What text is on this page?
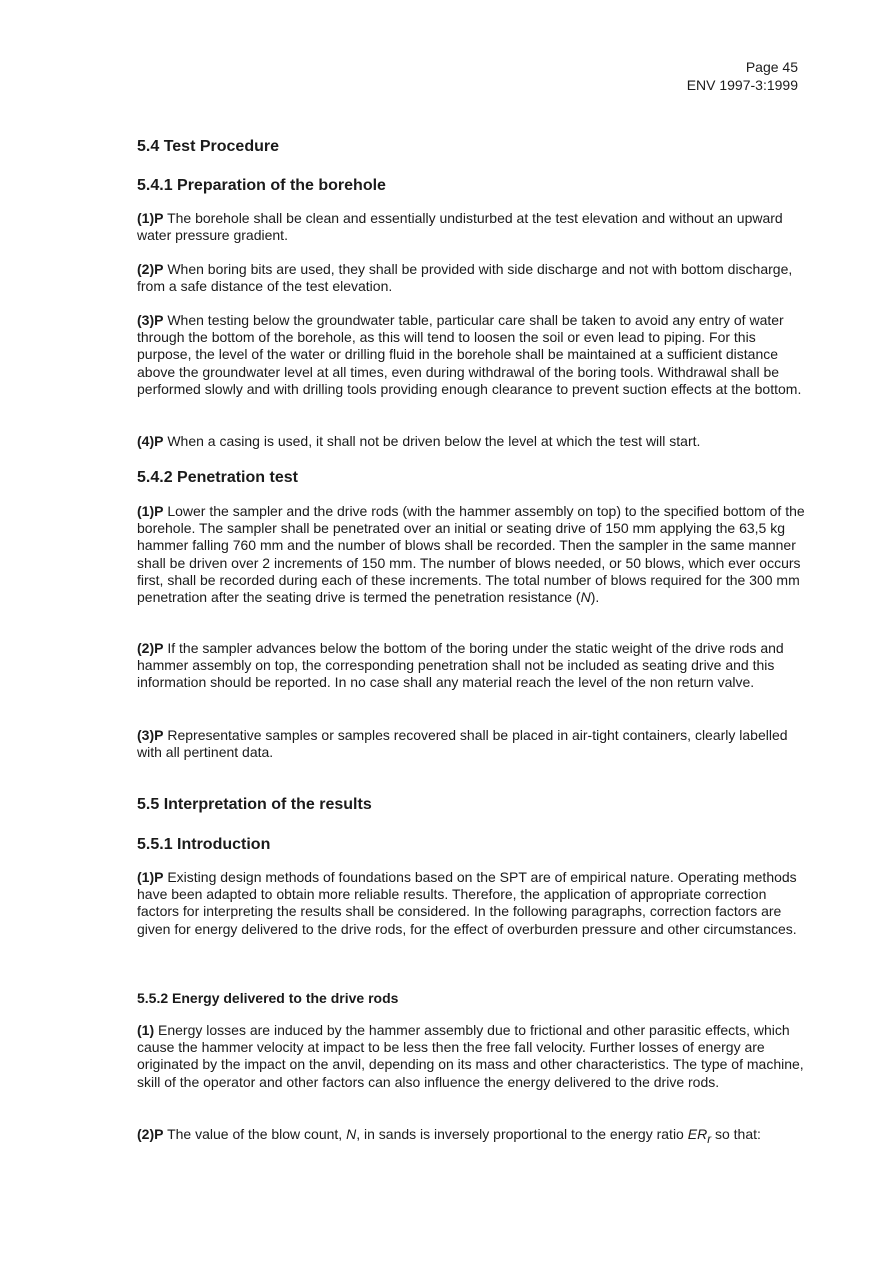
Page 45
ENV 1997-3:1999
5.4 Test Procedure
5.4.1 Preparation of the borehole

(1)P The borehole shall be clean and essentially undisturbed at the test elevation and without an upward water pressure gradient.

(2)P When boring bits are used, they shall be provided with side discharge and not with bottom discharge, from a safe distance of the test elevation.

(3)P When testing below the groundwater table, particular care shall be taken to avoid any entry of water through the bottom of the borehole, as this will tend to loosen the soil or even lead to piping. For this purpose, the level of the water or drilling fluid in the borehole shall be maintained at a sufficient distance above the groundwater level at all times, even during withdrawal of the boring tools. Withdrawal shall be performed slowly and with drilling tools providing enough clearance to prevent suction effects at the bottom.

(4)P When a casing is used, it shall not be driven below the level at which the test will start.

5.4.2 Penetration test

(1)P Lower the sampler and the drive rods (with the hammer assembly on top) to the specified bottom of the borehole. The sampler shall be penetrated over an initial or seating drive of 150 mm applying the 63,5 kg hammer falling 760 mm and the number of blows shall be recorded. Then the sampler in the same manner shall be driven over 2 increments of 150 mm. The number of blows needed, or 50 blows, which ever occurs first, shall be recorded during each of these increments. The total number of blows required for the 300 mm penetration after the seating drive is termed the penetration resistance (N).

(2)P If the sampler advances below the bottom of the boring under the static weight of the drive rods and hammer assembly on top, the corresponding penetration shall not be included as seating drive and this information should be reported. In no case shall any material reach the level of the non return valve.

(3)P Representative samples or samples recovered shall be placed in air-tight containers, clearly labelled with all pertinent data.

5.5 Interpretation of the results
5.5.1 Introduction

(1)P Existing design methods of foundations based on the SPT are of empirical nature. Operating methods have been adapted to obtain more reliable results. Therefore, the application of appropriate correction factors for interpreting the results shall be considered. In the following paragraphs, correction factors are given for energy delivered to the drive rods, for the effect of overburden pressure and other circumstances.

5.5.2 Energy delivered to the drive rods

(1) Energy losses are induced by the hammer assembly due to frictional and other parasitic effects, which cause the hammer velocity at impact to be less then the free fall velocity. Further losses of energy are originated by the impact on the anvil, depending on its mass and other characteristics. The type of machine, skill of the operator and other factors can also influence the energy delivered to the drive rods.

(2)P The value of the blow count, N, in sands is inversely proportional to the energy ratio $ER_r$ so that:
